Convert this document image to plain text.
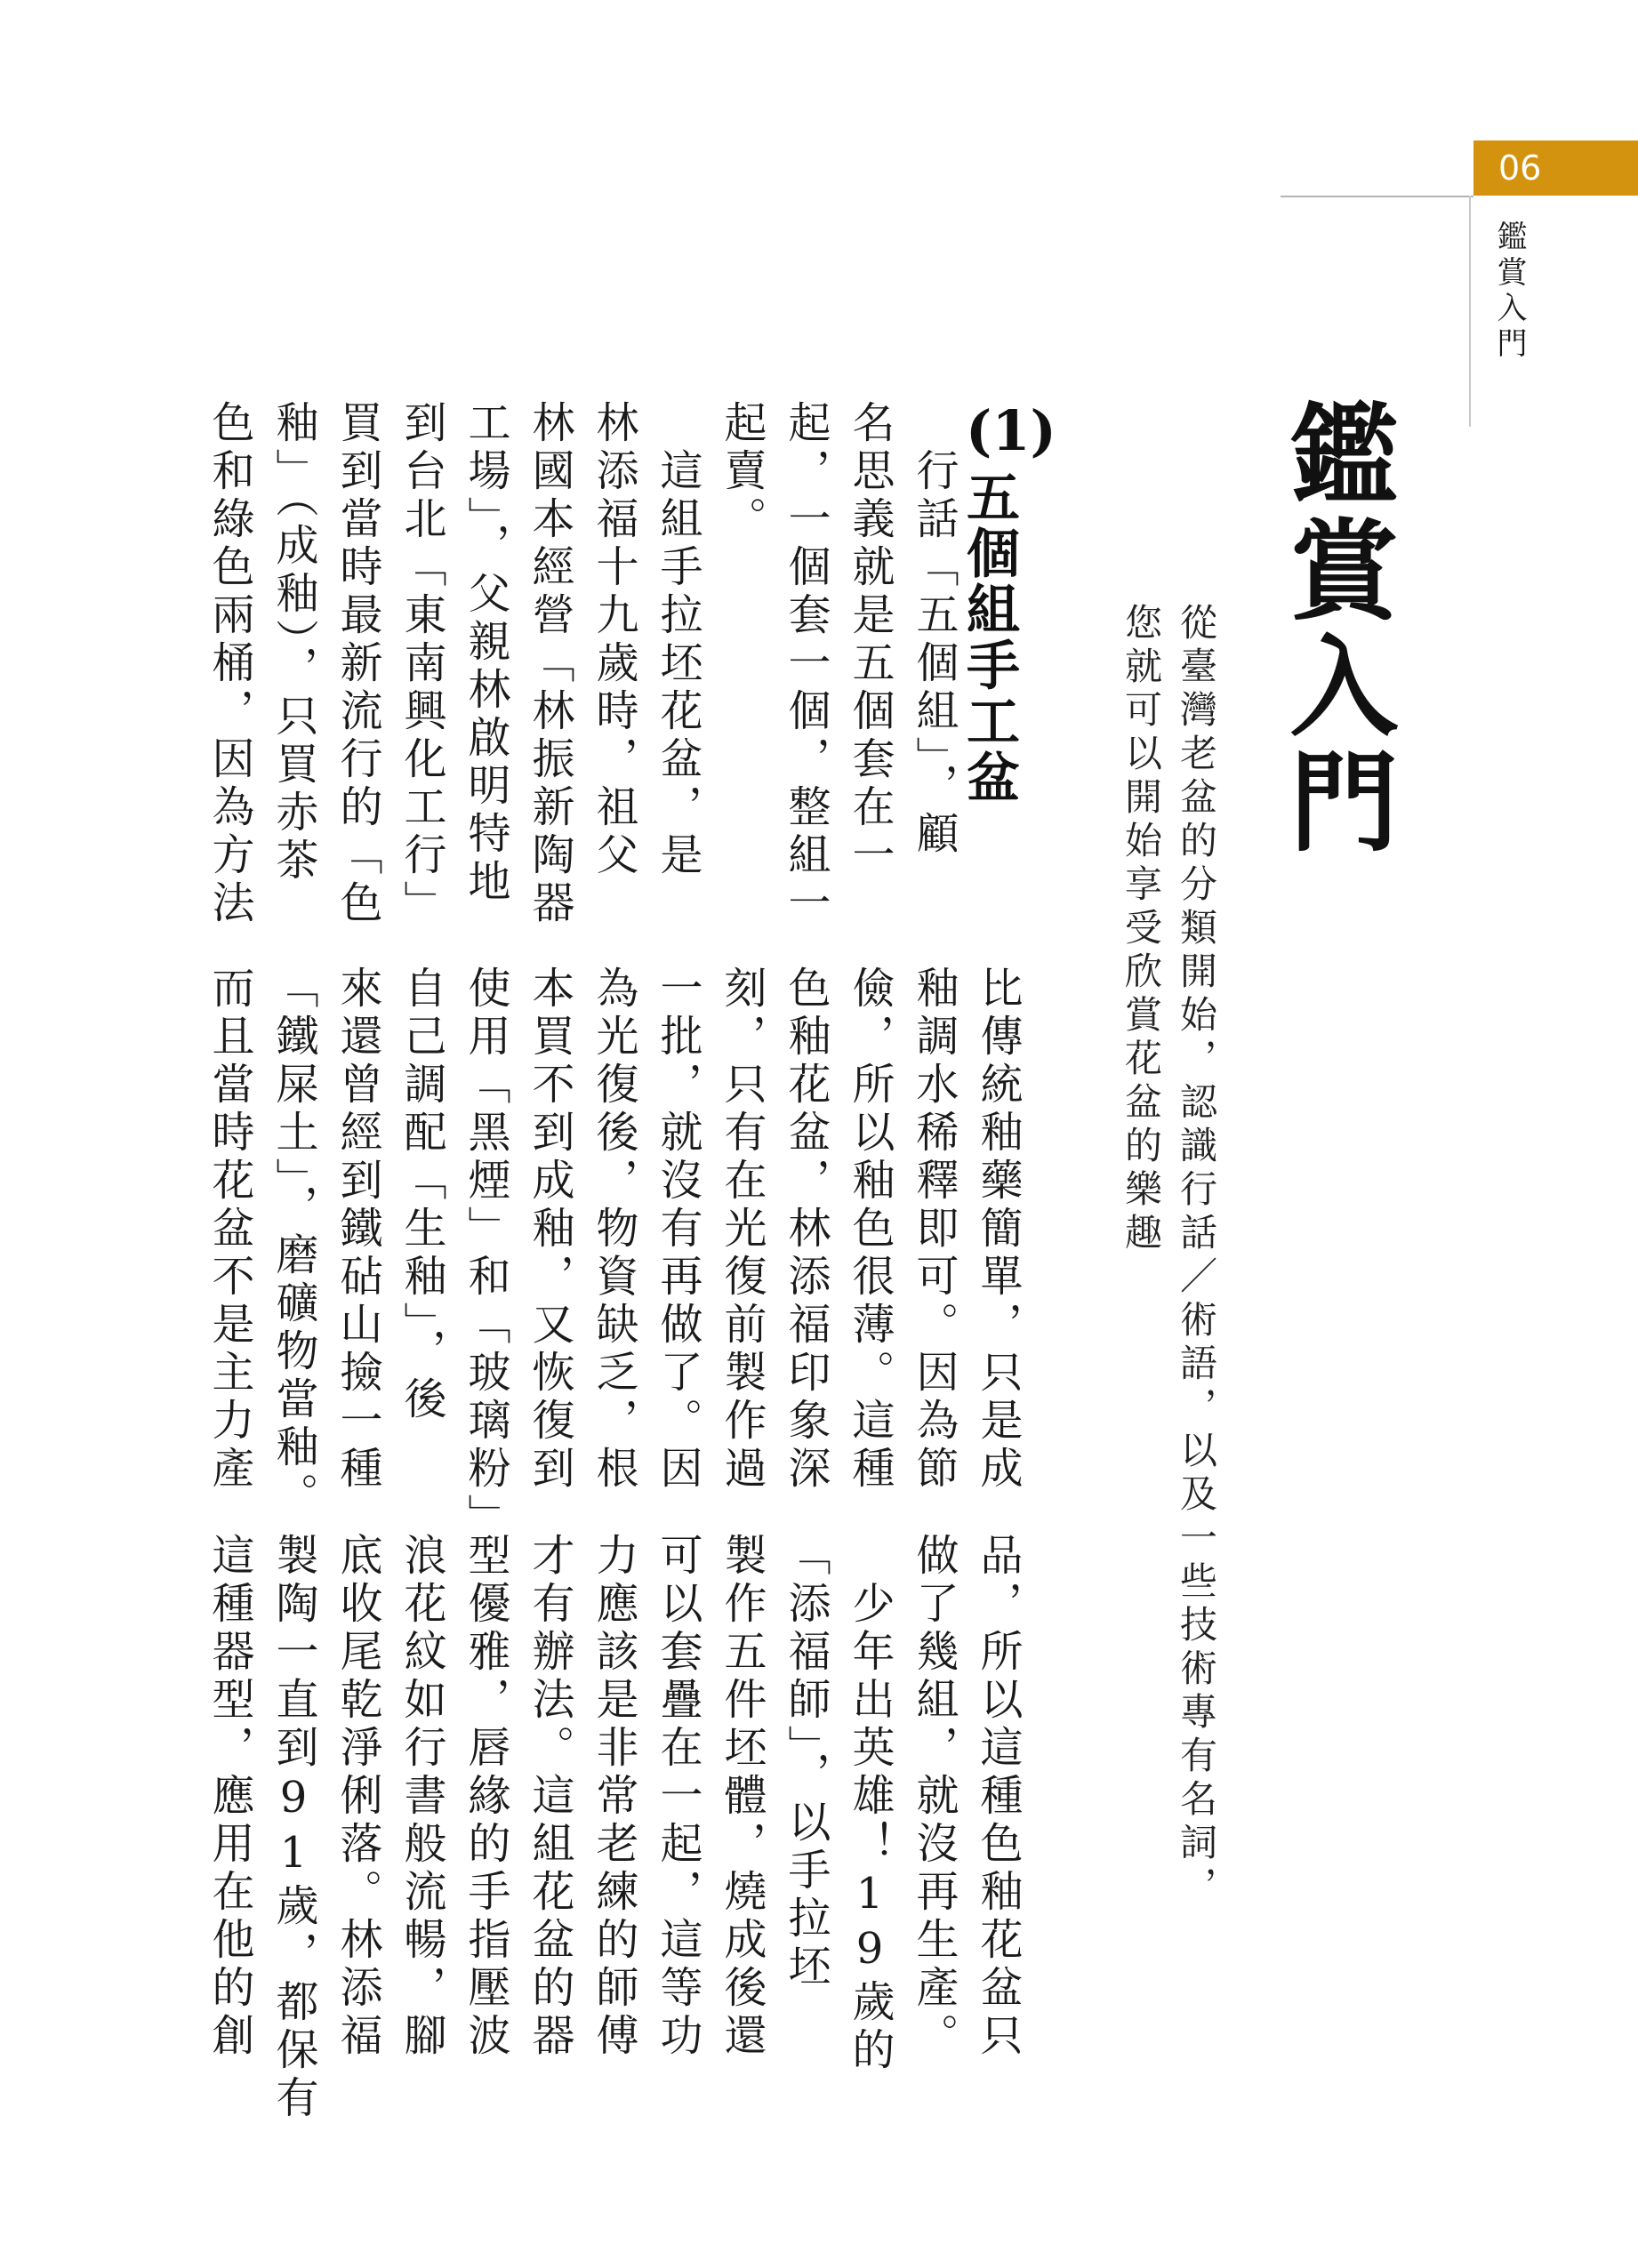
06
鑑賞入門
鑑賞入門
從臺灣老盆的分類開始，認識行話／術語，以及一些技術專有名詞，
您就可以開始享受欣賞花盆的樂趣
(1)
五個組手工盆
　行話「五個組」，顧
名思義就是五個套在一
起，一個套一個，整組一
起賣。
　這組手拉坯花盆，是
林添福十九歲時，祖父
林國本經營「林振新陶器
工場」，父親林啟明特地
到台北「東南興化工行」
買到當時最新流行的「色
釉」（成釉），只買赤茶
色和綠色兩桶，因為方法
比傳統釉藥簡單，只是成
釉調水稀釋即可。因為節
儉，所以釉色很薄。這種
色釉花盆，林添福印象深
刻，只有在光復前製作過
一批，就沒有再做了。因
為光復後，物資缺乏，根
本買不到成釉，又恢復到
使用「黑煙」和「玻璃粉」
自己調配「生釉」，後
來還曾經到鐵砧山撿一種
「鐵屎土」，磨礦物當釉。
而且當時花盆不是主力產
品，所以這種色釉花盆只
做了幾組，就沒再生產。
　少年出英雄！19歲的
「添福師」，以手拉坯
製作五件坯體，燒成後還
可以套疊在一起，這等功
力應該是非常老練的師傅
才有辦法。這組花盆的器
型優雅，唇緣的手指壓波
浪花紋如行書般流暢，腳
底收尾乾淨俐落。林添福
製陶一直到91歲，都保有
這種器型，應用在他的創
